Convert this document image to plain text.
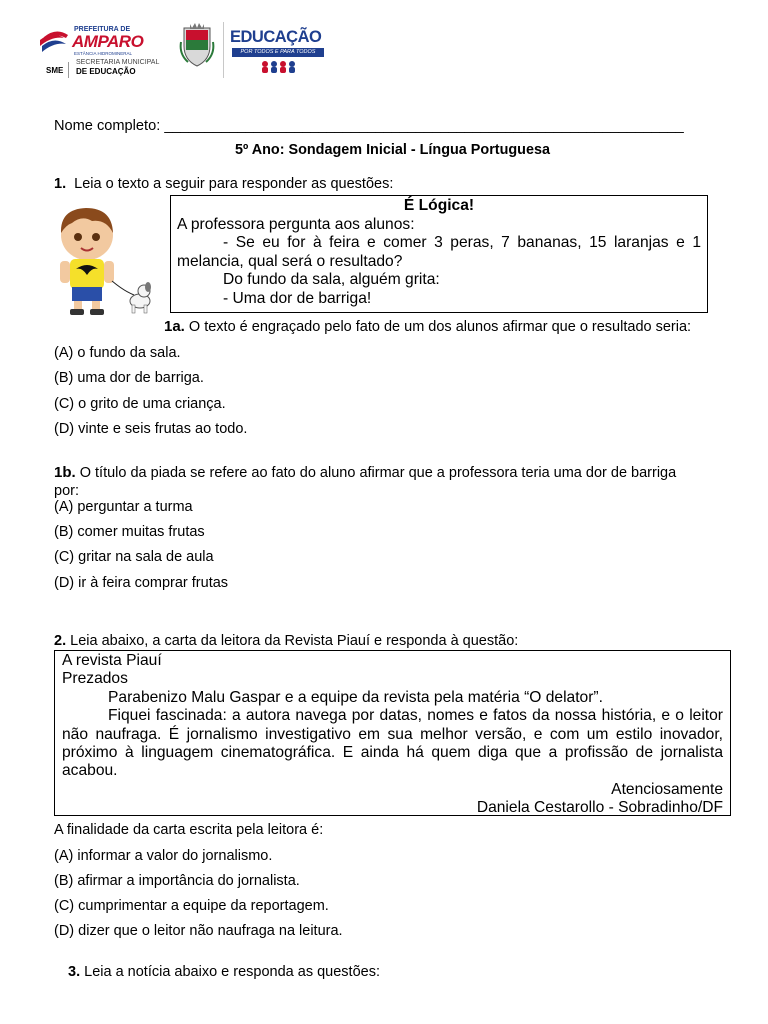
PREFEITURA DE
AMPARO
ESTÂNCIA HIDROMINERAL
SME
SECRETARIA MUNICIPAL
DE EDUCAÇÃO
EDUCAÇÃO
POR TODOS E PARA TODOS
Nome completo: ________________________________________________________________
5º Ano: Sondagem Inicial - Língua Portuguesa
1. Leia o texto a seguir para responder as questões:
É Lógica!
A professora pergunta aos alunos:
- Se eu for à feira e comer 3 peras, 7 bananas, 15 laranjas e 1 melancia, qual será o resultado?
Do fundo da sala, alguém grita:
- Uma dor de barriga!
1a. O texto é engraçado pelo fato de um dos alunos afirmar que o resultado seria:
(A) o fundo da sala.
(B) uma dor de barriga.
(C) o grito de uma criança.
(D) vinte e seis frutas ao todo.
1b. O título da piada se refere ao fato do aluno afirmar que a professora teria uma dor de barriga
por:
(A) perguntar a turma
(B) comer muitas frutas
(C) gritar na sala de aula
(D) ir à feira comprar frutas
2. Leia abaixo, a carta da leitora da Revista Piauí e responda à questão:
A revista Piauí
Prezados
Parabenizo Malu Gaspar e a equipe da revista pela matéria “O delator”.
Fiquei fascinada: a autora navega por datas, nomes e fatos da nossa história, e o leitor não naufraga. É jornalismo investigativo em sua melhor versão, e com um estilo inovador, próximo à linguagem cinematográfica. E ainda há quem diga que a profissão de jornalista acabou.
Atenciosamente
Daniela Cestarollo - Sobradinho/DF
A finalidade da carta escrita pela leitora é:
(A) informar a valor do jornalismo.
(B) afirmar a importância do jornalista.
(C) cumprimentar a equipe da reportagem.
(D) dizer que o leitor não naufraga na leitura.
3. Leia a notícia abaixo e responda as questões:
